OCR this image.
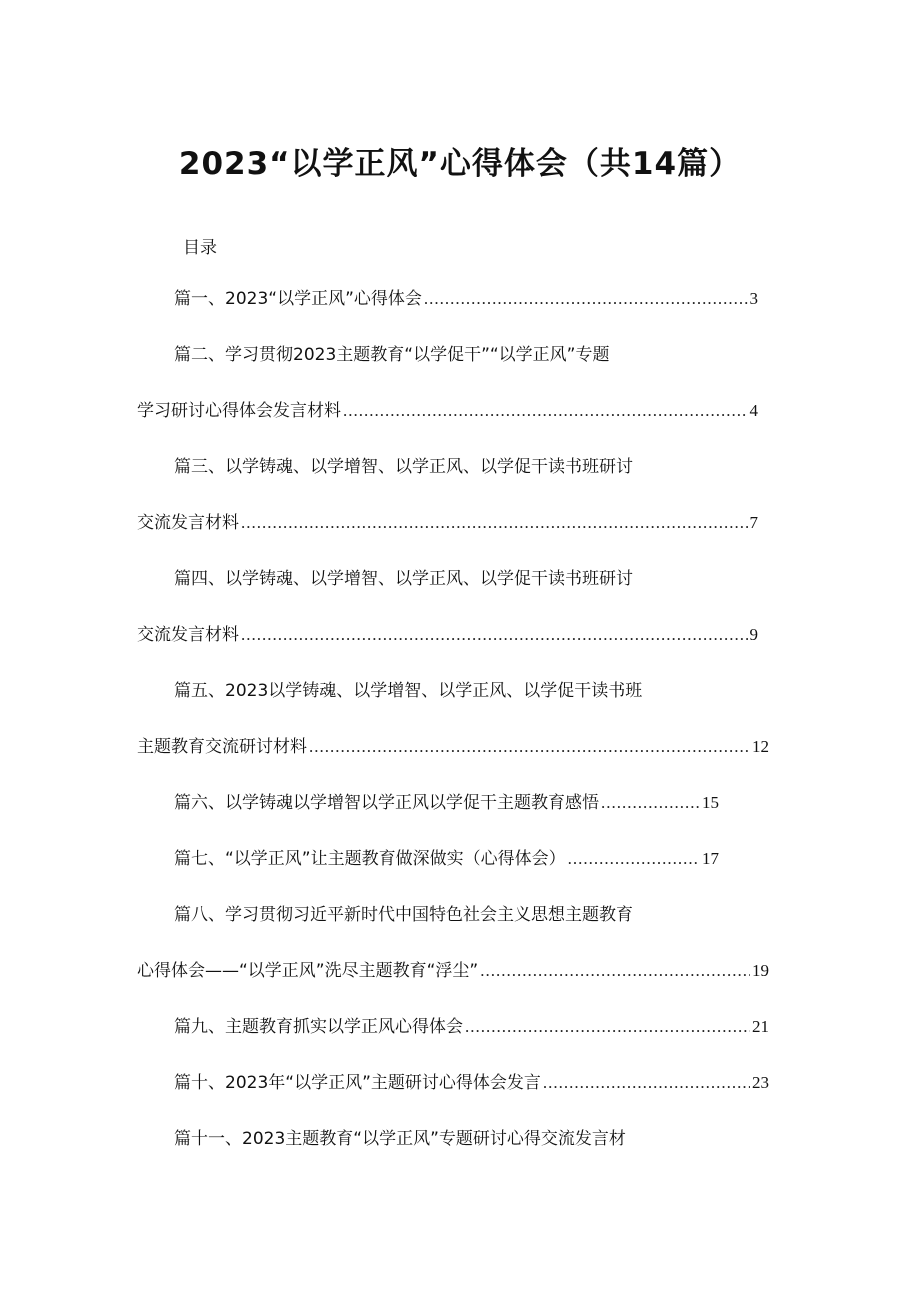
2023“以学正风”心得体会（共14篇）
目录
篇一、2023“以学正风”心得体会 .....	3
篇二、学习贯彻2023主题教育“以学促干”“以学正风”专题
学习研讨心得体会发言材料 .....	4
篇三、以学铸魂、以学增智、以学正风、以学促干读书班研讨
交流发言材料 .....	7
篇四、以学铸魂、以学增智、以学正风、以学促干读书班研讨
交流发言材料 .....	9
篇五、2023以学铸魂、以学增智、以学正风、以学促干读书班
主题教育交流研讨材料 .....	12
篇六、以学铸魂以学增智以学正风以学促干主题教育感悟 .....	15
篇七、“以学正风”让主题教育做深做实（心得体会） .....	17
篇八、学习贯彻习近平新时代中国特色社会主义思想主题教育
心得体会——“以学正风”洗尽主题教育“浮尘” .....	19
篇九、主题教育抓实以学正风心得体会 .....	21
篇十、2023年“以学正风”主题研讨心得体会发言 .....	23
篇十一、2023主题教育“以学正风”专题研讨心得交流发言材
